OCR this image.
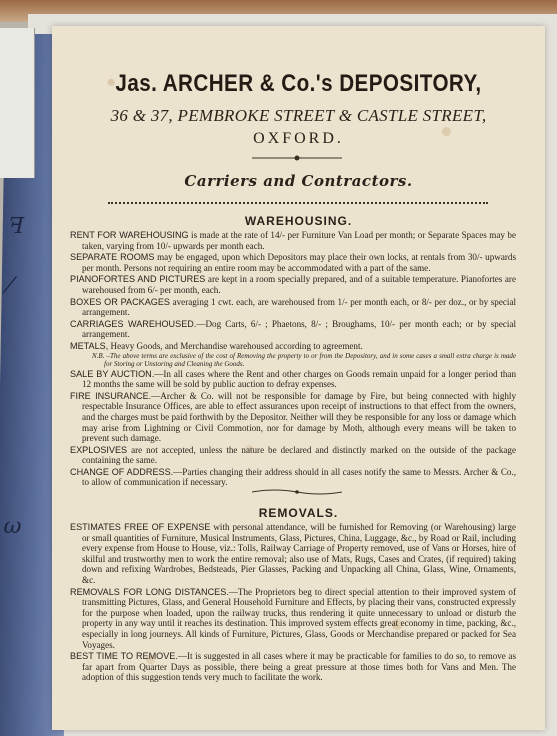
ꟻ
⁄
ω
Jas. ARCHER & Co.'s DEPOSITORY,
36 & 37, PEMBROKE STREET & CASTLE STREET,
OXFORD.
Carriers and Contractors.
WAREHOUSING.

RENT FOR WAREHOUSING is made at the rate of 14/- per Furniture Van Load per month; or Separate Spaces may be taken, varying from 10/- upwards per month each.

SEPARATE ROOMS may be engaged, upon which Depositors may place their own locks, at rentals from 30/- upwards per month. Persons not requiring an entire room may be accommodated with a part of the same.

PIANOFORTES AND PICTURES are kept in a room specially prepared, and of a suitable temperature. Pianofortes are warehoused from 6/- per month, each.

BOXES OR PACKAGES averaging 1 cwt. each, are warehoused from 1/- per month each, or 8/- per doz., or by special arrangement.

CARRIAGES WAREHOUSED.—Dog Carts, 6/- ; Phaetons, 8/- ; Broughams, 10/- per month each; or by special arrangement.

METALS, Heavy Goods, and Merchandise warehoused according to agreement.
N.B. –The above terms are exclusive of the cost of Removing the property to or from the Depository, and in some cases a small extra charge is made for Storing or Unstoring and Cleaning the Goods.

SALE BY AUCTION.—In all cases where the Rent and other charges on Goods remain unpaid for a longer period than 12 months the same will be sold by public auction to defray expenses.

FIRE INSURANCE.—Archer & Co. will not be responsible for damage by Fire, but being connected with highly respectable Insurance Offices, are able to effect assurances upon receipt of instructions to that effect from the owners, and the charges must be paid forthwith by the Depositor. Neither will they be responsible for any loss or damage which may arise from Lightning or Civil Commotion, nor for damage by Moth, although every means will be taken to prevent such damage.

EXPLOSIVES are not accepted, unless the nature be declared and distinctly marked on the outside of the package containing the same.

CHANGE OF ADDRESS.—Parties changing their address should in all cases notify the same to Messrs. Archer & Co., to allow of communication if necessary.

REMOVALS.

ESTIMATES FREE OF EXPENSE with personal attendance, will be furnished for Removing (or Warehousing) large or small quantities of Furniture, Musical Instruments, Glass, Pictures, China, Luggage, &c., by Road or Rail, including every expense from House to House, viz.: Tolls, Railway Carriage of Property removed, use of Vans or Horses, hire of skilful and trustworthy men to work the entire removal; also use of Mats, Rugs, Cases and Crates, (if required) taking down and refixing Wardrobes, Bedsteads, Pier Glasses, Packing and Unpacking all China, Glass, Wine, Ornaments, &c.

REMOVALS FOR LONG DISTANCES.—The Proprietors beg to direct special attention to their improved system of transmitting Pictures, Glass, and General Household Furniture and Effects, by placing their vans, constructed expressly for the purpose when loaded, upon the railway trucks, thus rendering it quite unnecessary to unload or disturb the property in any way until it reaches its destination. This improved system effects great economy in time, packing, &c., especially in long journeys. All kinds of Furniture, Pictures, Glass, Goods or Merchandise prepared or packed for Sea Voyages.

BEST TIME TO REMOVE.—It is suggested in all cases where it may be practicable for families to do so, to remove as far apart from Quarter Days as possible, there being a great pressure at those times both for Vans and Men. The adoption of this suggestion tends very much to facilitate the work.
